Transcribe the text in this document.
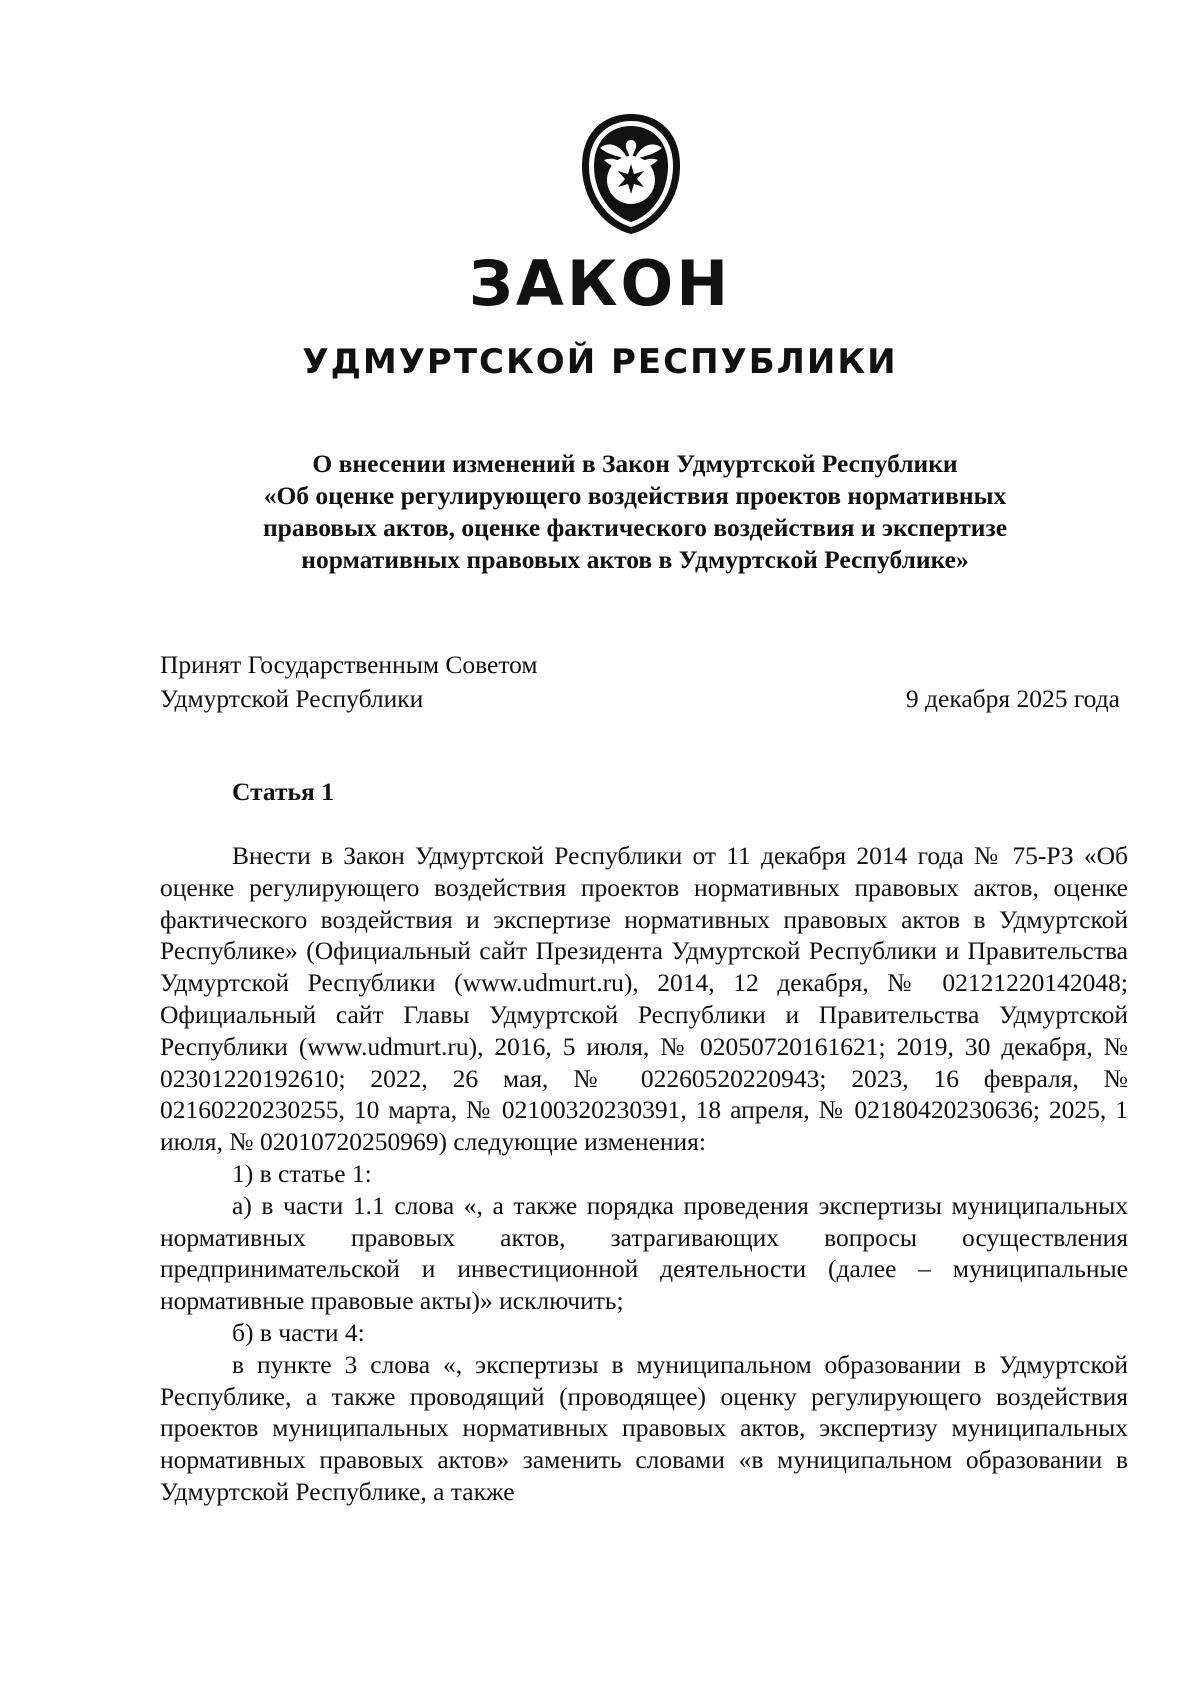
ЗАКОН
УДМУРТСКОЙ РЕСПУБЛИКИ
О внесении изменений в Закон Удмуртской Республики
«Об оценке регулирующего воздействия проектов нормативных
правовых актов, оценке фактического воздействия и экспертизе
нормативных правовых актов в Удмуртской Республике»
Принят Государственным Советом
Удмуртской Республики	9 декабря 2025 года
Статья 1

Внести в Закон Удмуртской Республики от 11 декабря 2014 года № 75-РЗ «Об оценке регулирующего воздействия проектов нормативных правовых актов, оценке фактического воздействия и экспертизе нормативных правовых актов в Удмуртской Республике» (Официальный сайт Президента Удмуртской Республики и Правительства Удмуртской Республики (www.udmurt.ru), 2014, 12 декабря, № 02121220142048; Официальный сайт Главы Удмуртской Республики и Правительства Удмуртской Республики (www.udmurt.ru), 2016, 5 июля, № 02050720161621; 2019, 30 декабря, № 02301220192610; 2022, 26 мая, № 02260520220943; 2023, 16 февраля, № 02160220230255, 10 марта, № 02100320230391, 18 апреля, № 02180420230636; 2025, 1 июля, № 02010720250969) следующие изменения:

1) в статье 1:

а) в части 1.1 слова «, а также порядка проведения экспертизы муниципальных нормативных правовых актов, затрагивающих вопросы осуществления предпринимательской и инвестиционной деятельности (далее – муниципальные нормативные правовые акты)» исключить;

б) в части 4:

в пункте 3 слова «, экспертизы в муниципальном образовании в Удмуртской Республике, а также проводящий (проводящее) оценку регулирующего воздействия проектов муниципальных нормативных правовых актов, экспертизу муниципальных нормативных правовых актов» заменить словами «в муниципальном образовании в Удмуртской Республике, а также
